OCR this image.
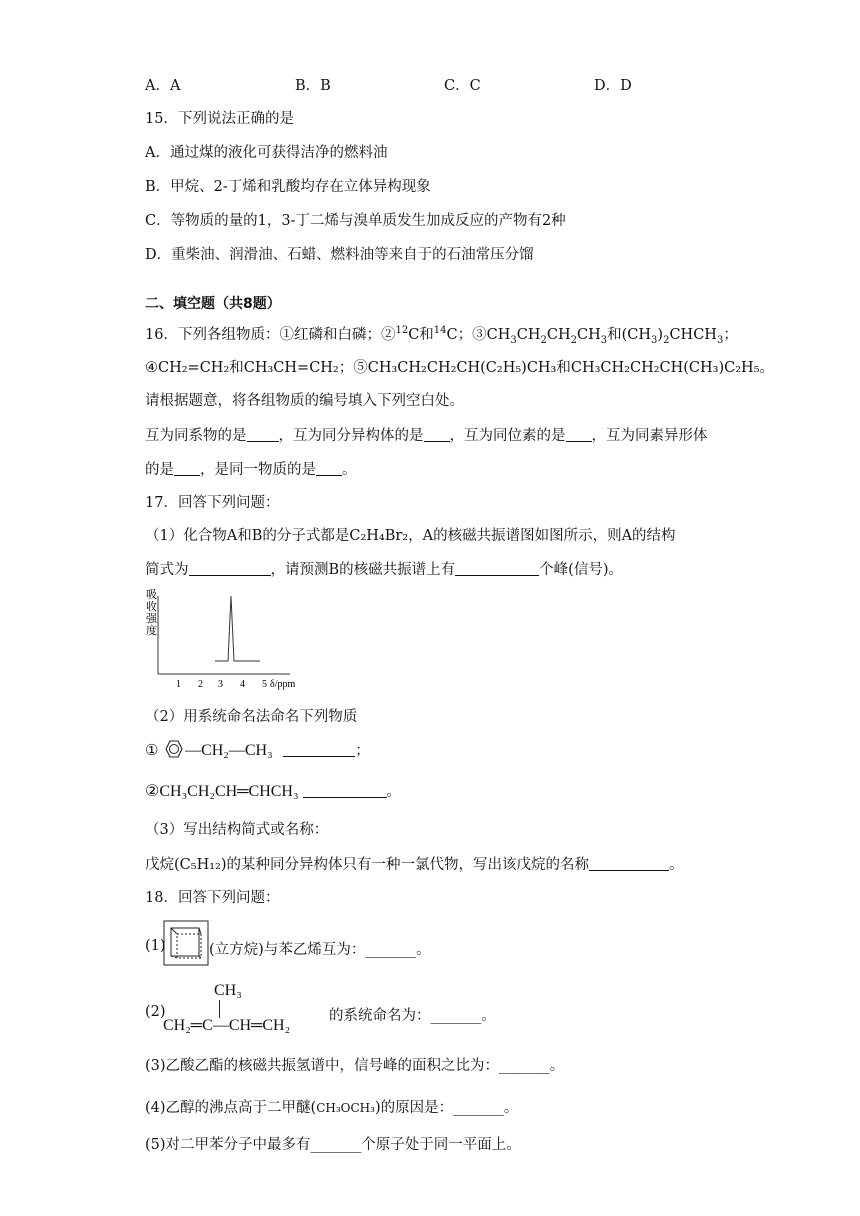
A．A	B．B	C．C	D．D
15．下列说法正确的是
A．通过煤的液化可获得洁净的燃料油
B．甲烷、2-丁烯和乳酸均存在立体异构现象
C．等物质的量的1，3-丁二烯与溴单质发生加成反应的产物有2种
D．重柴油、润滑油、石蜡、燃料油等来自于的石油常压分馏
二、填空题（共8题）
16．下列各组物质：①红磷和白磷；②$^{12}$C和$^{14}$C；$③CH_3CH_2CH_2CH_3$和$(CH_3)_2CHCH_3$；
④CH₂=CH₂和CH₃CH=CH₂；⑤CH₃CH₂CH₂CH(C₂H₅)CH₃和CH₃CH₂CH₂CH(CH₃)C₂H₅。
请根据题意，将各组物质的编号填入下列空白处。
互为同系物的是 ，互为同分异构体的是 ，互为同位素的是 ，互为同素异形体
的是 ，是同一物质的是 。
17．回答下列问题：
（1）化合物A和B的分子式都是C₂H₄Br₂，A的核磁共振谱图如图所示，则A的结构
简式为	，请预测B的核磁共振谱上有	个峰(信号)。
吸
收
强
度
1 2 3 4 5 δ/ppm
（2）用系统命名法命名下列物质
① —CH₂—CH₃	；
②CH₃CH₂CH═CHCH₃	。
（3）写出结构简式或名称：
戊烷(C₅H₁₂)的某种同分异构体只有一种一氯代物，写出该戊烷的名称	。
18．回答下列问题：
(1)	(立方烷)与苯乙烯互为：_______。
(2)
CH₃
CH₂═C—CH═CH₂
的系统命名为：_______。
(3)乙酸乙酯的核磁共振氢谱中，信号峰的面积之比为：_______。
(4)乙醇的沸点高于二甲醚(CH₃OCH₃)的原因是：_______。
(5)对二甲苯分子中最多有_______个原子处于同一平面上。
